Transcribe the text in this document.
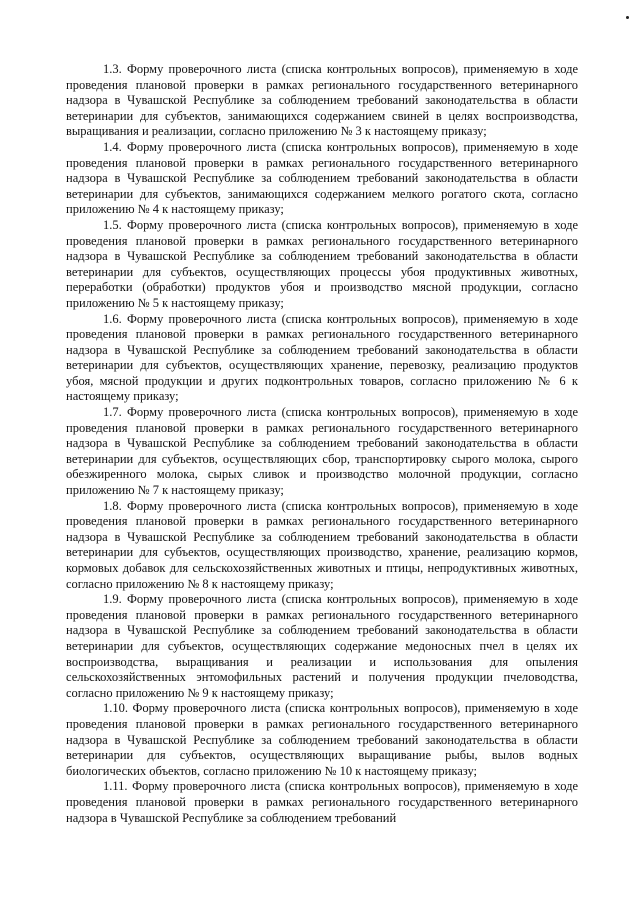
1.3. Форму проверочного листа (списка контрольных вопросов), применяемую в ходе проведения плановой проверки в рамках регионального государственного ветеринарного надзора в Чувашской Республике за соблюдением требований законодательства в области ветеринарии для субъектов, занимающихся содержанием свиней в целях воспроизводства, выращивания и реализации, согласно приложению № 3 к настоящему приказу;

1.4. Форму проверочного листа (списка контрольных вопросов), применяемую в ходе проведения плановой проверки в рамках регионального государственного ветеринарного надзора в Чувашской Республике за соблюдением требований законодательства в области ветеринарии для субъектов, занимающихся содержанием мелкого рогатого скота, согласно приложению № 4 к настоящему приказу;

1.5. Форму проверочного листа (списка контрольных вопросов), применяемую в ходе проведения плановой проверки в рамках регионального государственного ветеринарного надзора в Чувашской Республике за соблюдением требований законодательства в области ветеринарии для субъектов, осуществляющих процессы убоя продуктивных животных, переработки (обработки) продуктов убоя и производство мясной продукции, согласно приложению № 5 к настоящему приказу;

1.6. Форму проверочного листа (списка контрольных вопросов), применяемую в ходе проведения плановой проверки в рамках регионального государственного ветеринарного надзора в Чувашской Республике за соблюдением требований законодательства в области ветеринарии для субъектов, осуществляющих хранение, перевозку, реализацию продуктов убоя, мясной продукции и других подконтрольных товаров, согласно приложению № 6 к настоящему приказу;

1.7. Форму проверочного листа (списка контрольных вопросов), применяемую в ходе проведения плановой проверки в рамках регионального государственного ветеринарного надзора в Чувашской Республике за соблюдением требований законодательства в области ветеринарии для субъектов, осуществляющих сбор, транспортировку сырого молока, сырого обезжиренного молока, сырых сливок и производство молочной продукции, согласно приложению № 7 к настоящему приказу;

1.8. Форму проверочного листа (списка контрольных вопросов), применяемую в ходе проведения плановой проверки в рамках регионального государственного ветеринарного надзора в Чувашской Республике за соблюдением требований законодательства в области ветеринарии для субъектов, осуществляющих производство, хранение, реализацию кормов, кормовых добавок для сельскохозяйственных животных и птицы, непродуктивных животных, согласно приложению № 8 к настоящему приказу;

1.9. Форму проверочного листа (списка контрольных вопросов), применяемую в ходе проведения плановой проверки в рамках регионального государственного ветеринарного надзора в Чувашской Республике за соблюдением требований законодательства в области ветеринарии для субъектов, осуществляющих содержание медоносных пчел в целях их воспроизводства, выращивания и реализации и использования для опыления сельскохозяйственных энтомофильных растений и получения продукции пчеловодства, согласно приложению № 9 к настоящему приказу;

1.10. Форму проверочного листа (списка контрольных вопросов), применяемую в ходе проведения плановой проверки в рамках регионального государственного ветеринарного надзора в Чувашской Республике за соблюдением требований законодательства в области ветеринарии для субъектов, осуществляющих выращивание рыбы, вылов водных биологических объектов, согласно приложению № 10 к настоящему приказу;

1.11. Форму проверочного листа (списка контрольных вопросов), применяемую в ходе проведения плановой проверки в рамках регионального государственного ветеринарного надзора в Чувашской Республике за соблюдением требований
